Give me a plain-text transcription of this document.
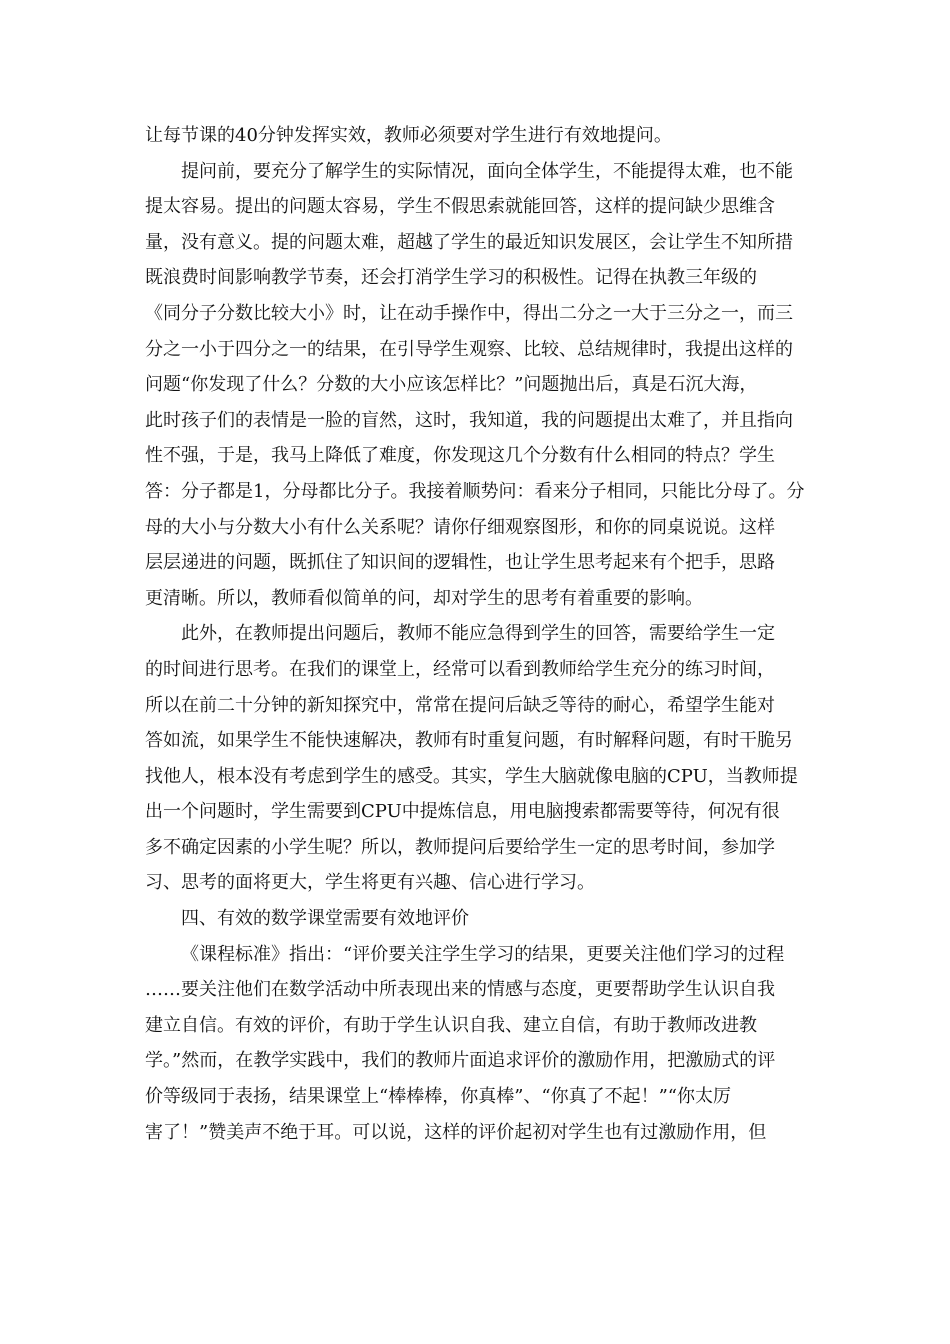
让每节课的40分钟发挥实效，教师必须要对学生进行有效地提问。
提问前，要充分了解学生的实际情况，面向全体学生，不能提得太难，也不能
提太容易。提出的问题太容易，学生不假思索就能回答，这样的提问缺少思维含
量，没有意义。提的问题太难，超越了学生的最近知识发展区，会让学生不知所措
既浪费时间影响教学节奏，还会打消学生学习的积极性。记得在执教三年级的
《同分子分数比较大小》时，让在动手操作中，得出二分之一大于三分之一，而三
分之一小于四分之一的结果，在引导学生观察、比较、总结规律时，我提出这样的
问题“你发现了什么？分数的大小应该怎样比？”问题抛出后，真是石沉大海，
此时孩子们的表情是一脸的盲然，这时，我知道，我的问题提出太难了，并且指向
性不强，于是，我马上降低了难度，你发现这几个分数有什么相同的特点？学生
答：分子都是1，分母都比分子。我接着顺势问：看来分子相同，只能比分母了。分
母的大小与分数大小有什么关系呢？请你仔细观察图形，和你的同桌说说。这样
层层递进的问题，既抓住了知识间的逻辑性，也让学生思考起来有个把手，思路
更清晰。所以，教师看似简单的问，却对学生的思考有着重要的影响。
此外，在教师提出问题后，教师不能应急得到学生的回答，需要给学生一定
的时间进行思考。在我们的课堂上，经常可以看到教师给学生充分的练习时间，
所以在前二十分钟的新知探究中，常常在提问后缺乏等待的耐心，希望学生能对
答如流，如果学生不能快速解决，教师有时重复问题，有时解释问题，有时干脆另
找他人，根本没有考虑到学生的感受。其实，学生大脑就像电脑的CPU，当教师提
出一个问题时，学生需要到CPU中提炼信息，用电脑搜索都需要等待，何况有很
多不确定因素的小学生呢？所以，教师提问后要给学生一定的思考时间，参加学
习、思考的面将更大，学生将更有兴趣、信心进行学习。
四、有效的数学课堂需要有效地评价
《课程标准》指出：“评价要关注学生学习的结果，更要关注他们学习的过程
……要关注他们在数学活动中所表现出来的情感与态度，更要帮助学生认识自我
建立自信。有效的评价，有助于学生认识自我、建立自信，有助于教师改进教
学。”然而，在教学实践中，我们的教师片面追求评价的激励作用，把激励式的评
价等级同于表扬，结果课堂上“棒棒棒，你真棒”、“你真了不起！”“你太厉
害了！”赞美声不绝于耳。可以说，这样的评价起初对学生也有过激励作用，但
